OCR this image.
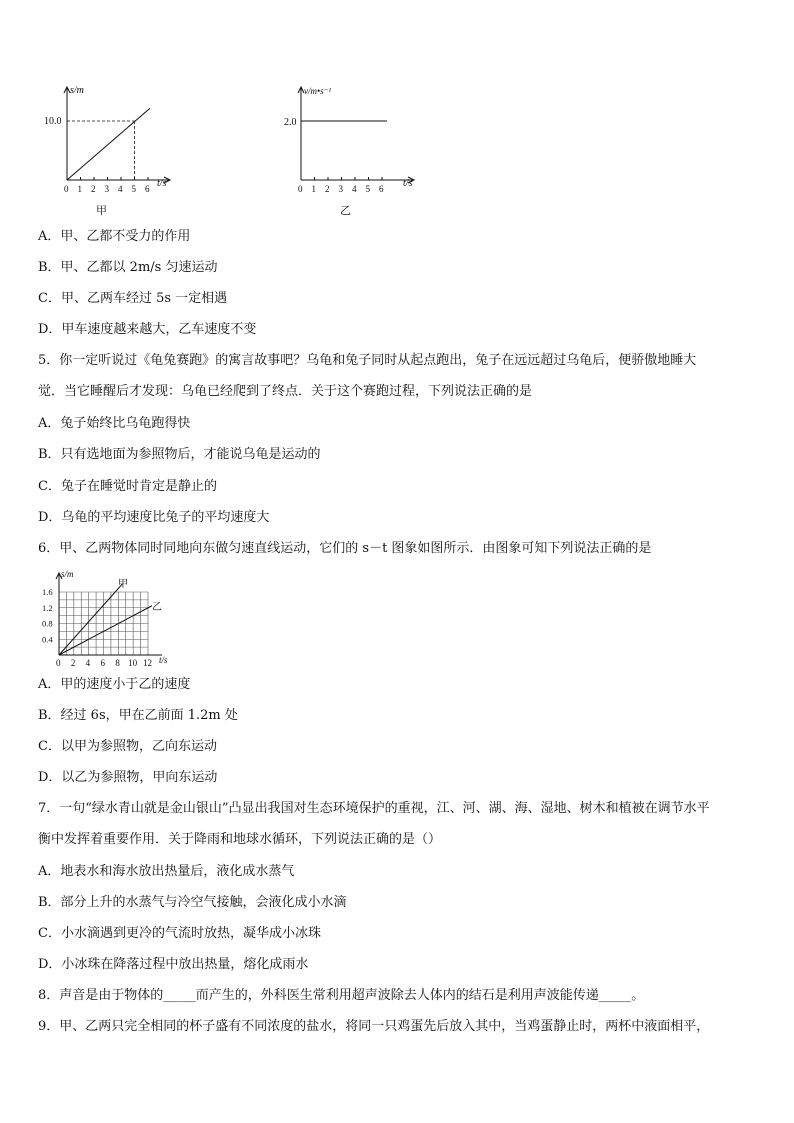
0 1 2 3 4 5 6
s/m
10.0
t/s
甲
0 1 2 3 4 5 6
v/m•s⁻¹
2.0
t/s
乙
A．甲、乙都不受力的作用
B．甲、乙都以 2m/s 匀速运动
C．甲、乙两车经过 5s 一定相遇
D．甲车速度越来越大，乙车速度不变
5．你一定听说过《龟兔赛跑》的寓言故事吧？乌龟和兔子同时从起点跑出，兔子在远远超过乌龟后，便骄傲地睡大
觉．当它睡醒后才发现：乌龟已经爬到了终点．关于这个赛跑过程，下列说法正确的是
A．兔子始终比乌龟跑得快
B．只有选地面为参照物后，才能说乌龟是运动的
C．兔子在睡觉时肯定是静止的
D．乌龟的平均速度比兔子的平均速度大
6．甲、乙两物体同时同地向东做匀速直线运动，它们的 s－t 图象如图所示．由图象可知下列说法正确的是
1.6
1.2
0.8
0.4
0 2 4 6 8 10 12
s/m
t/s
甲
乙
A．甲的速度小于乙的速度
B．经过 6s，甲在乙前面 1.2m 处
C．以甲为参照物，乙向东运动
D．以乙为参照物，甲向东运动
7．一句“绿水青山就是金山银山”凸显出我国对生态环境保护的重视，江、河、湖、海、湿地、树木和植被在调节水平
衡中发挥着重要作用．关于降雨和地球水循环，下列说法正确的是（）
A．地表水和海水放出热量后，液化成水蒸气
B．部分上升的水蒸气与冷空气接触，会液化成小水滴
C．小水滴遇到更冷的气流时放热，凝华成小冰珠
D．小冰珠在降落过程中放出热量，熔化成雨水
8．声音是由于物体的_____而产生的，外科医生常利用超声波除去人体内的结石是利用声波能传递_____。
9．甲、乙两只完全相同的杯子盛有不同浓度的盐水，将同一只鸡蛋先后放入其中，当鸡蛋静止时，两杯中液面相平，
